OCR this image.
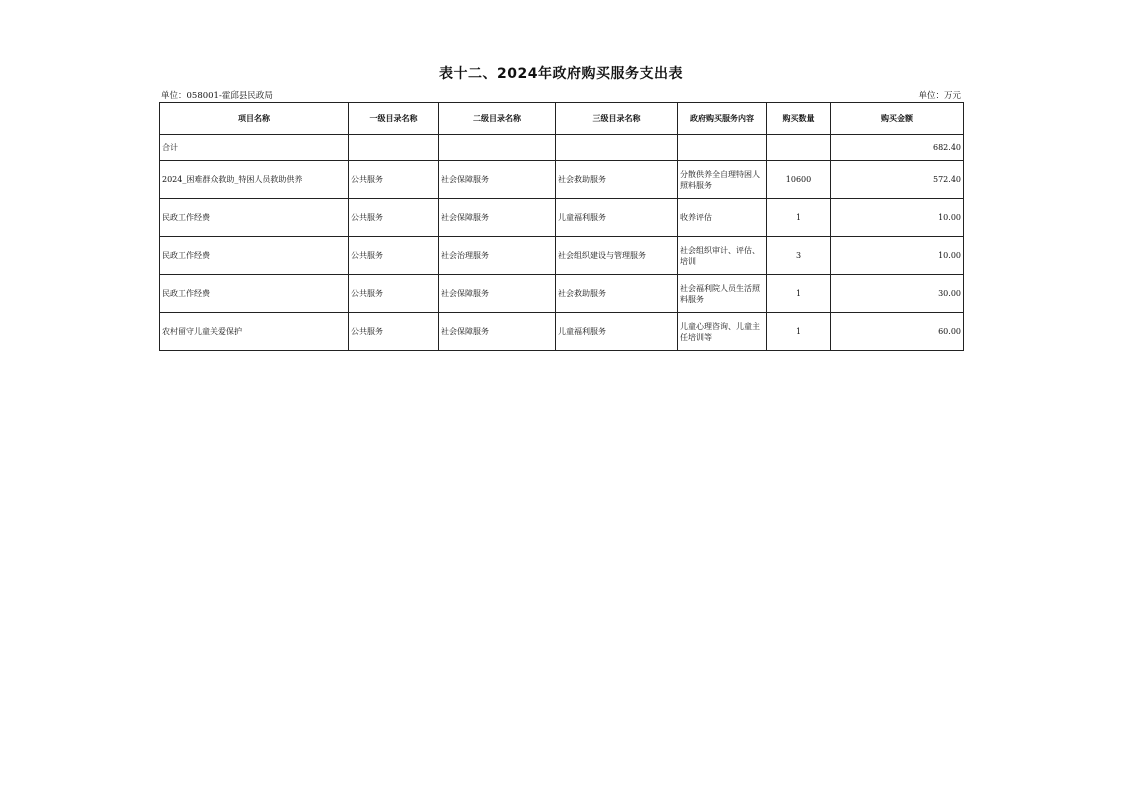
表十二、2024年政府购买服务支出表
单位：058001-霍邱县民政局	单位：万元
项目名称	一级目录名称	二级目录名称	三级目录名称	政府购买服务内容	购买数量	购买金额
合计						682.40
2024_困难群众救助_特困人员救助供养	公共服务	社会保障服务	社会救助服务	分散供养全自理特困人照料服务	10600	572.40
民政工作经费	公共服务	社会保障服务	儿童福利服务	收养评估	1	10.00
民政工作经费	公共服务	社会治理服务	社会组织建设与管理服务	社会组织审计、评估、培训	3	10.00
民政工作经费	公共服务	社会保障服务	社会救助服务	社会福利院人员生活照料服务	1	30.00
农村留守儿童关爱保护	公共服务	社会保障服务	儿童福利服务	儿童心理咨询、儿童主任培训等	1	60.00
